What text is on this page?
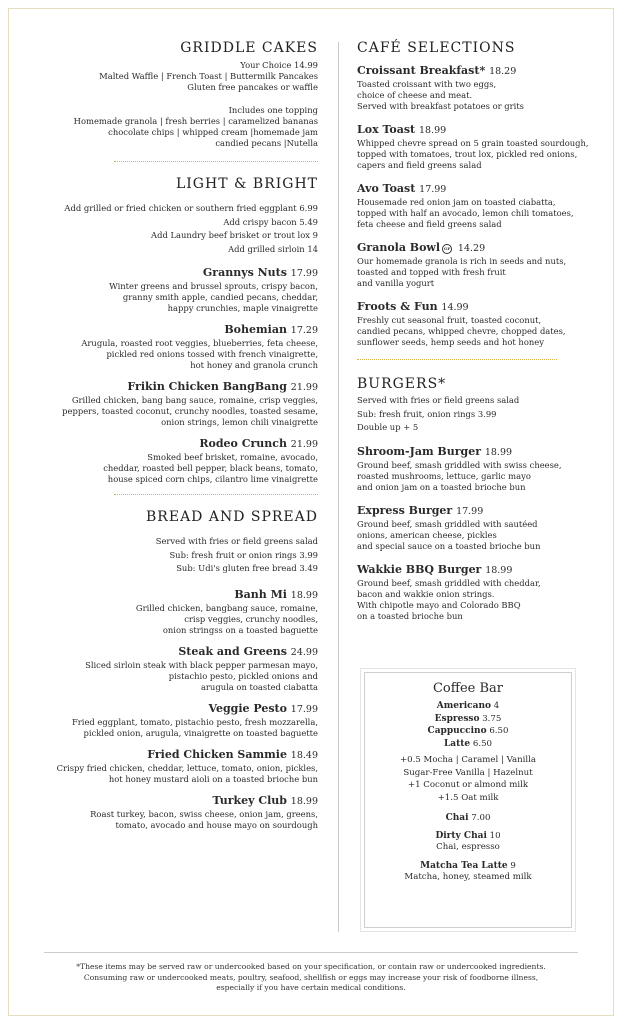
GRIDDLE CAKES
Your Choice 14.99
Malted Waffle | French Toast | Buttermilk Pancakes
Gluten free pancakes or waffle
Includes one topping
Homemade granola | fresh berries | caramelized bananas
chocolate chips | whipped cream |homemade jam
candied pecans |Nutella
LIGHT & BRIGHT
Add grilled or fried chicken or southern fried eggplant 6.99
Add crispy bacon 5.49
Add Laundry beef brisket or trout lox 9
Add grilled sirloin 14
Grannys Nuts 17.99
Winter greens and brussel sprouts, crispy bacon,
granny smith apple, candied pecans, cheddar,
happy crunchies, maple vinaigrette
Bohemian 17.29
Arugula, roasted root veggies, blueberries, feta cheese,
pickled red onions tossed with french vinaigrette,
hot honey and granola crunch
Frikin Chicken BangBang 21.99
Grilled chicken, bang bang sauce, romaine, crisp veggies,
peppers, toasted coconut, crunchy noodles, toasted sesame,
onion strings, lemon chili vinaigrette
Rodeo Crunch 21.99
Smoked beef brisket, romaine, avocado,
cheddar, roasted bell pepper, black beans, tomato,
house spiced corn chips, cilantro lime vinaigrette
BREAD AND SPREAD
Served with fries or field greens salad
Sub: fresh fruit or onion rings 3.99
Sub: Udi's gluten free bread 3.49
Banh Mi 18.99
Grilled chicken, bangbang sauce, romaine,
crisp veggies, crunchy noodles,
onion stringss on a toasted baguette
Steak and Greens 24.99
Sliced sirloin steak with black pepper parmesan mayo,
pistachio pesto, pickled onions and
arugula on toasted ciabatta
Veggie Pesto 17.99
Fried eggplant, tomato, pistachio pesto, fresh mozzarella,
pickled onion, arugula, vinaigrette on toasted baguette
Fried Chicken Sammie 18.49
Crispy fried chicken, cheddar, lettuce, tomato, onion, pickles,
hot honey mustard aioli on a toasted brioche bun
Turkey Club 18.99
Roast turkey, bacon, swiss cheese, onion jam, greens,
tomato, avocado and house mayo on sourdough
CAFÉ SELECTIONS
Croissant Breakfast* 18.29
Toasted croissant with two eggs,
choice of cheese and meat.
Served with breakfast potatoes or grits
Lox Toast 18.99
Whipped chevre spread on 5 grain toasted sourdough,
topped with tomatoes, trout lox, pickled red onions,
capers and field greens salad
Avo Toast 17.99
Housemade red onion jam on toasted ciabatta,
topped with half an avocado, lemon chili tomatoes,
feta cheese and field greens salad
Granola Bowl GF 14.29
Our homemade granola is rich in seeds and nuts,
toasted and topped with fresh fruit
and vanilla yogurt
Froots & Fun 14.99
Freshly cut seasonal fruit, toasted coconut,
candied pecans, whipped chevre, chopped dates,
sunflower seeds, hemp seeds and hot honey
BURGERS*
Served with fries or field greens salad
Sub: fresh fruit, onion rings 3.99
Double up + 5
Shroom-Jam Burger 18.99
Ground beef, smash griddled with swiss cheese,
roasted mushrooms, lettuce, garlic mayo
and onion jam on a toasted brioche bun
Express Burger 17.99
Ground beef, smash griddled with sautéed
onions, american cheese, pickles
and special sauce on a toasted brioche bun
Wakkie BBQ Burger 18.99
Ground beef, smash griddled with cheddar,
bacon and wakkie onion strings.
With chipotle mayo and Colorado BBQ
on a toasted brioche bun
Coffee Bar
Americano 4
Espresso 3.75
Cappuccino 6.50
Latte 6.50
+0.5 Mocha | Caramel | Vanilla
Sugar-Free Vanilla | Hazelnut
+1 Coconut or almond milk
+1.5 Oat milk
Chai 7.00
Dirty Chai 10
Chai, espresso
Matcha Tea Latte 9
Matcha, honey, steamed milk
*These items may be served raw or undercooked based on your specification, or contain raw or undercooked ingredients.
Consuming raw or undercooked meats, poultry, seafood, shellfish or eggs may increase your risk of foodborne illness,
especially if you have certain medical conditions.
